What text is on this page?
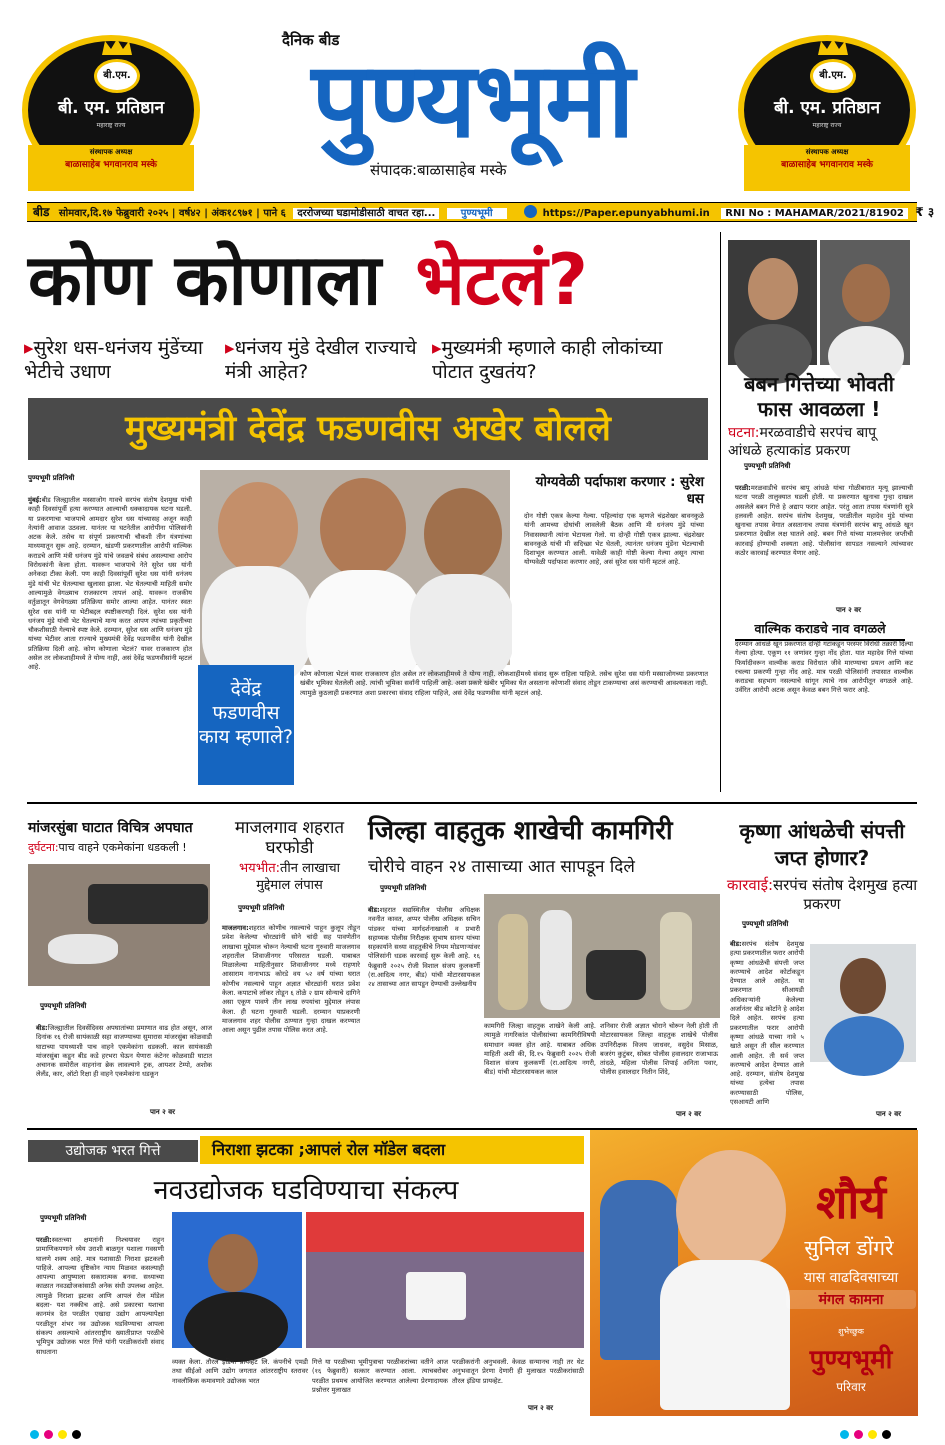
बी.एम.
बी. एम. प्रतिष्ठान
महाराष्ट्र राज्य
संस्थापक अध्यक्ष
बाळासाहेब भगवानराव मस्के
बी.एम.
बी. एम. प्रतिष्ठान
महाराष्ट्र राज्य
संस्थापक अध्यक्ष
बाळासाहेब भगवानराव मस्के
दैनिक बीड
पुण्यभूमी
संपादक:बाळासाहेब मस्के
बीड सोमवार,दि.१७ फेब्रुवारी २०२५ | वर्ष४२ | अंक१८९७१ | पाने ६ दररोजच्या घडामोडीसाठी वाचत रहा...	पुण्यभूमी	https://Paper.epunyabhumi.in RNI No : MAHAMAR/2021/81902 ₹ ३
कोण कोणाला भेटलं?
▸सुरेश धस-धनंजय मुंडेंच्या भेटीचे उधाण
▸धनंजय मुंडे देखील राज्याचे मंत्री आहेत?
▸मुख्यमंत्री म्हणाले काही लोकांच्या पोटात दुखतंय?
मुख्यमंत्री देवेंद्र फडणवीस अखेर बोलले
पुण्यभूमी प्रतिनिधी
मुंबई:बीड जिल्ह्यातील मस्साजोग गावचे सरपंच संतोष देशमुख यांची काही दिवसांपूर्वी हत्या करण्यात आल्याची धक्कादायक घटना घडली. या प्रकरणाचा भाजपाचे आमदार सुरेश धस यांच्यासह अजून काही नेत्यांनी आवाज उठवला. यानंतर या घटनेतील आरोपीना पोलिसांनी अटक केले. तसेच या संपूर्ण प्रकरणाची चौकशी तीन यंत्रणांच्या माध्यमातून सुरू आहे. दरम्यान, खंडणी प्रकरणातील आरोपी वाल्मिक कराडचे आणि मंत्री धनंजय मुंडे यांचे जवळचे संबंध असल्याचा आरोप विरोधकांनी केला होता. यावरून भाजपाचे नेते सुरेश धस यांनी अनेकदा टीका केली. पण काही दिवसांपूर्वी सुरेश धस यांनी धनंजय मुंडे यांची भेट घेतल्याचा खुलासा झाला. भेट घेतल्याची माहिती समोर आल्यामुळे वेगळ्याच राजकारण तापलं आहे. यावरून राजकीय वर्तुळातून वेगवेगळ्या प्रतिक्रिया समोर आल्या आहेत. यानंतर स्वतः सुरेश धस यांनी या भेटीबद्दल स्पष्टीकरणही दिलं. सुरेश धस यांनी धनंजय मुंडे यांची भेट घेतल्याचे मान्य करत आपण त्यांच्या प्रकृतीच्या चौकशीसाठी गेल्याचे स्पष्ट केले. दरम्यान, सुरेश धस आणि धनंजय मुंडे यांच्या भेटीवर आता राज्याचे मुख्यमंत्री देवेंद्र फडणवीस यांनी देखील प्रतिक्रिया दिली आहे. कोण कोणाला भेटलं? यावर राजकारण होत असेल तर लोकशाहीमध्ये ते योग्य नाही, असं देवेंद्र फडणवीसांनी म्हटलं आहे.
योग्यवेळी पर्दाफाश करणार : सुरेश धस
दोन गोष्टी एकत्र केल्या गेल्या. पहिल्यांदा एक म्हणजे चंद्रशेखर बावनकुळे यांनी आमच्या दोघांची लावलेली बैठक आणि मी धनंजय मुंडे यांच्या निवासस्थानी त्यांना भेटायला गेलो. या दोन्ही गोष्टी एकत्र झाल्या. चंद्रशेखर बावनकुळे यांची मी सदिच्छा भेट घेतली, त्यानंतर धनंजय मुंडेंना भेटल्याची दिशाभूल करण्यात आली. यावेळी काही गोष्टी केल्या गेल्या असून त्याचा योग्यवेळी पर्दाफाश करणार आहे, असं सुरेश धस यांनी म्हटलं आहे.
देवेंद्र फडणवीस काय म्हणाले?
कोण कोणाला भेटलं यावर राजकारण होत असेल तर लोकशाहीमध्ये ते योग्य नाही. लोकशाहीमध्ये संवाद सुरू राहिला पाहिजे. तसेच सुरेश धस यांनी मस्साजोगच्या प्रकरणात खंबीर भूमिका घेतलेली आहे. त्यांची भूमिका सर्वांनी पाहिली आहे. अशा प्रकारे खंबीर भूमिका घेत असताना कोणाशी संवाद तोडून टाकण्याचा असं करण्याची आवश्यकता नाही. त्यामुळे कुठलाही प्रकरणात अशा प्रकारचा संवाद राहिला पाहिजे, असं देवेंद्र फडणवीस यांनी म्हटलं आहे.
बबन गित्तेच्या भोवती फास आवळला !
घटना:मरळवाडीचे सरपंच बापू आंधळे हत्याकांड प्रकरण
पुण्यभूमी प्रतिनिधी
परळी:मरळवाडीचे सरपंच बापू आंधळे यांचा गोळीबारात मृत्यू झाल्याची घटना परळी तालुक्यात घडली होती. या प्रकरणात खुनाचा गुन्हा दाखल असलेले बबन गित्ते हे अद्याप फरार आहेत. परंतु आता तपास यंत्रणांनी सुत्रे हलवली आहेत. सरपंच संतोष देशमुख, परळीतील महादेव मुंडे यांच्या खुनाचा तपास वेगात असतानाच तपास यंत्रणांनी सरपंच बापू आंधळे खून प्रकरणात देखील लक्ष घातले आहे. बबन गित्ते यांच्या मालमत्तेवर जप्तीची कारवाई होण्याची शक्यता आहे. पोलीसांना सापडत नसल्याने त्यांच्यावर कठोर कारवाई करण्यात येणार आहे.
पान २ वर
वाल्मिक कराडचे नाव वगळले
दरम्यान आंधळे खून प्रकरणात दोन्ही गटांकडून परस्पर विरोधी तक्रारी दिल्या गेल्या होत्या. एकूण ११ जणांवर गुन्हा नोंद होता. यात महादेव गित्ते यांच्या फिर्यादीवरून वाल्मीक कराड विरोधात जीवे मारण्याचा प्रयत्न आणि कट रचल्या प्रकरणी गुन्हा नोंद आहे. मात्र परळी पोलिसांनी तपासात वाल्मीक कराडचा सहभाग नसल्याचे सांगून त्याचे नाव आरोपीतून वगळले आहे. उर्वरित आरोपी अटक असून केवळ बबन गित्ते फरार आहे.
मांजरसुंबा घाटात विचित्र अपघात
दुर्घटना:पाच वाहने एकमेकांना धडकली !
पुण्यभूमी प्रतिनिधी
बीड:जिल्ह्यातील दिवसेंदिवस अपघातांच्या प्रमाणात वाढ होत असून, आज दिनांक १६ रोजी सायंकाळी सहा वाजण्याच्या सुमारास मांजरसुंबा कोळवाडी घाटाच्या पायथ्याशी पाच वाहने एकमेकांना धडकली. काल सायंकाळी मांजरसुंबा कडून बीड कडे हरभरा घेऊन येणारा कंटेनर कोळवाडी घाटात अचानक समोरील वाहनांना ब्रेक लावल्याने ट्रक, आयशर टेम्पो, अशोक लेलँड, कार, ऑटो रिक्षा ही वाहने एकमेकांना धडकून
पान २ वर
माजलगाव शहरात घरफोडी
भयभीत:तीन लाखाचा मुद्देमाल लंपास
पुण्यभूमी प्रतिनिधी
माजलगाव:शहरात कोणीच नसल्याचे पाहून कुलूप तोडून प्रवेश केलेल्या चोरट्यांनी सोने चांदी सह पावणेतीन लाखाचा मुद्देमाल चोरून नेल्याची घटना गुरुवारी माजलगाव शहरातील शिवाजीनगर परिसरात घडली. याबाबत मिळालेल्या माहितीनुसार शिवाजीनगर मध्ये राहणारे आसाराम नानाभाऊ कोरडे वय ५२ वर्ष यांच्या घरात कोणीच नसल्याचे पाहून अज्ञात चोरट्यांनी घरात प्रवेश केला. कपाटाचे लॉकर तोडून ६ तोळे २ ग्राम सोन्याचे दागिने असा एकूण पावणे तीन लाख रुपयांचा मुद्देमाल लंपास केला. ही घटना गुरुवारी घडली. दरम्यान याप्रकरणी माजलगाव शहर पोलीस ठाण्यात गुन्हा दाखल करण्यात आला असून पुढील तपास पोलिस करत आहे.
जिल्हा वाहतुक शाखेची कामगिरी
चोरीचे वाहन २४ तासाच्या आत सापडून दिले
पुण्यभूमी प्रतिनिधी
बीड:शहरात सद्यस्थितील पोलीस अधिक्षक नवनीत कावत, अप्पर पोलीस अधिक्षक सचिन पांडकर यांच्या मार्गदर्शनाखाली व प्रभारी सहाय्यक पोलीस निरीक्षक सुभाष सानप यांच्या सहकार्याने सध्या वाहतुकीचे नियम मोडणाऱ्यांवर पोलिसांनी धडक कारवाई सुरू केली आहे. १६ फेब्रुवारी २०२५ रोजी विशाल संजय कुलकर्णी (रा.आदित्य नगर, बीड) यांची मोटारसायकल २४ तासाच्या आत सापडून देण्याची उल्लेखनीय
कामगिरी जिल्हा वाहतुक शाखेने केली आहे. त्यामुळे नागरिकांत पोलीसांच्या कामगिरीविषयी समाधान व्यक्त होत आहे. याबाबत अधिक माहिती अशी की, दि.१५ फेब्रुवारी २०२५ रोजी विशाल संजय कुलकर्णी (रा.आदित्य नगरी, बीड) यांची मोटारसायकल काल
शनिवार रोजी अज्ञात चोराने चोरून नेली होती ती मोटारसायकल जिल्हा वाहतुक शाखेचे पोलीस उपनिरीक्षक विजय जाधवर, वसुदेव मिसाळ, बजरंग कुटुंबर, सोबत पोलीस हवालदार राजाभाऊ तांदळे, महिला पोलीस शिपाई अनिता पवार, पोलीस हवालदार नितीन शिंदे,
पान २ वर
कृष्णा आंधळेची संपत्ती जप्त होणार?
कारवाई:सरपंच संतोष देशमुख हत्या प्रकरण
पुण्यभूमी प्रतिनिधी
बीड:सरपंच संतोष देशमुख हत्या प्रकरणातील फरार आरोपी कृष्णा आंधळेची संपत्ती जप्त करण्याचे आदेश कोर्टाकडून देण्यात आले आहेत. या प्रकरणात सीआयडी अधिकाऱ्यांनी केलेल्या अर्जानंतर बीड कोर्टाने हे आदेश दिले आहेत. सरपंच हत्या प्रकरणातील फरार आरोपी कृष्णा आंधळे याच्या नावे ५ खाते असून ती सील करण्यात आली आहेत. ती सर्व जप्त करण्याचे आदेश देण्यात आले आहे. दरम्यान, संतोष देशमुख यांच्या हत्येचा तपास करण्यासाठी पोलिस, एसआयटी आणि
पान २ वर
उद्योजक भरत गित्ते	निराशा झटका ;आपलं रोल मॉडेल बदला
नवउद्योजक घडविण्याचा संकल्प
पुण्यभूमी प्रतिनिधी
परळी:स्वतःच्या क्षमतांनी निश्चयावर राहून प्रामाणिकपणाने ध्येय उराशी बाळगून यशाला गवसणी घालणे शक्य आहे. मात्र यशासाठी निराशा झटकली पाहिजे. आपल्या दृष्टिकोन न्याय मिळवत कसल्याही आपल्या आयुष्याला सकारात्मक बनवा. सध्याच्या काळात नवउद्योजकांसाठी अनेक संधी उपलब्ध आहेत. त्यामुळे निराशा झटका आणि आपलं रोल मॉडेल बदला- यश नक्कीच आहे. असे प्रकारचा यशाचा कानमंत्र देत परळीत एखादा उद्योग आपल्यापेक्षा परळीतून शंभर नव उद्योजक घडविण्याचा आपला संकल्प असल्याचे आंतरराष्ट्रीय ख्यातीप्राप्त परळीचे भूमिपुत्र उद्योजक भरत गित्ते यांनी परळीकरांशी संवाद साधताना
व्यक्त केला. तौरल इंडिया प्रायव्हेट लि. कंपनीचे एमडी तथा सीईओ आणि उद्योग जगतात आंतरराष्ट्रीय स्तरावर नावलौकिक कमावणारे उद्योजक भरत
गित्ते या परळीच्या भूमीपुत्राचा परळीकरांच्या वतीने आज (१६ फेब्रुवारी) सत्कार करण्यात आला. त्याचबरोबर परळीत प्रथमच आयोजित करण्यात आलेल्या प्रेरणादायक प्रश्नोत्तर मुलाखत
परळीकरांनी अनुभवली. केवळ सन्मानच नाही तर थेट अनुभवातून प्रेरणा देणारी ही मुलाखत परळीकरांसाठी तौरल इंडिया प्रायव्हेट.
पान २ वर
शौर्य
सुनिल डोंगरे
यास वाढदिवसाच्या
मंगल कामना
शुभेच्छुक
पुण्यभूमी
परिवार
